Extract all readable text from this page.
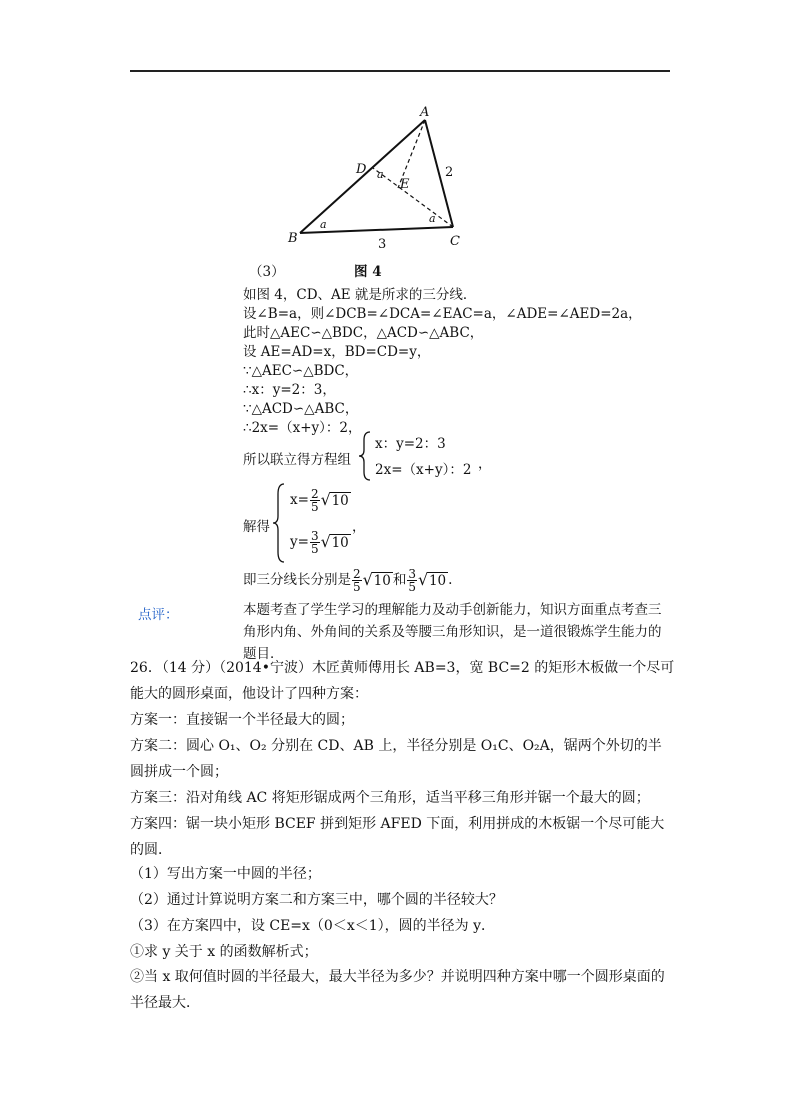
A
B	C
D
E
a
a
a
2
3
（3）	图 4
如图 4，CD、AE 就是所求的三分线．
设∠B=a，则∠DCB=∠DCA=∠EAC=a，∠ADE=∠AED=2a，
此时△AEC∽△BDC，△ACD∽△ABC，
设 AE=AD=x，BD=CD=y，
∵△AEC∽△BDC，
∴x：y=2：3，
∵△ACD∽△ABC，
∴2x=（x+y）：2，
所以联立得方程组
x：y=2：3
2x=（x+y）：2 ，
解得
$x= \frac{2}{5}$ √ 10
，
$y= \frac{3}{5}$ √ 10
即三分线长分别是 $\frac{2}{5}$ √ 10 和 $\frac{3}{5}$ √ 10 .
点评：	本题考查了学生学习的理解能力及动手创新能力，知识方面重点考查三角形内角、外角间的关系及等腰三角形知识，是一道很锻炼学生能力的题目．
26．（14 分）（2014•宁波）木匠黄师傅用长 AB=3，宽 BC=2 的矩形木板做一个尽可能大的圆形桌面，他设计了四种方案：
方案一：直接锯一个半径最大的圆；
方案二：圆心 O₁、O₂ 分别在 CD、AB 上，半径分别是 O₁C、O₂A，锯两个外切的半圆拼成一个圆；
方案三：沿对角线 AC 将矩形锯成两个三角形，适当平移三角形并锯一个最大的圆；
方案四：锯一块小矩形 BCEF 拼到矩形 AFED 下面，利用拼成的木板锯一个尽可能大的圆．
（1）写出方案一中圆的半径；
（2）通过计算说明方案二和方案三中，哪个圆的半径较大？
（3）在方案四中，设 CE=x（0＜x＜1），圆的半径为 y．
①求 y 关于 x 的函数解析式；
②当 x 取何值时圆的半径最大，最大半径为多少？并说明四种方案中哪一个圆形桌面的半径最大．
